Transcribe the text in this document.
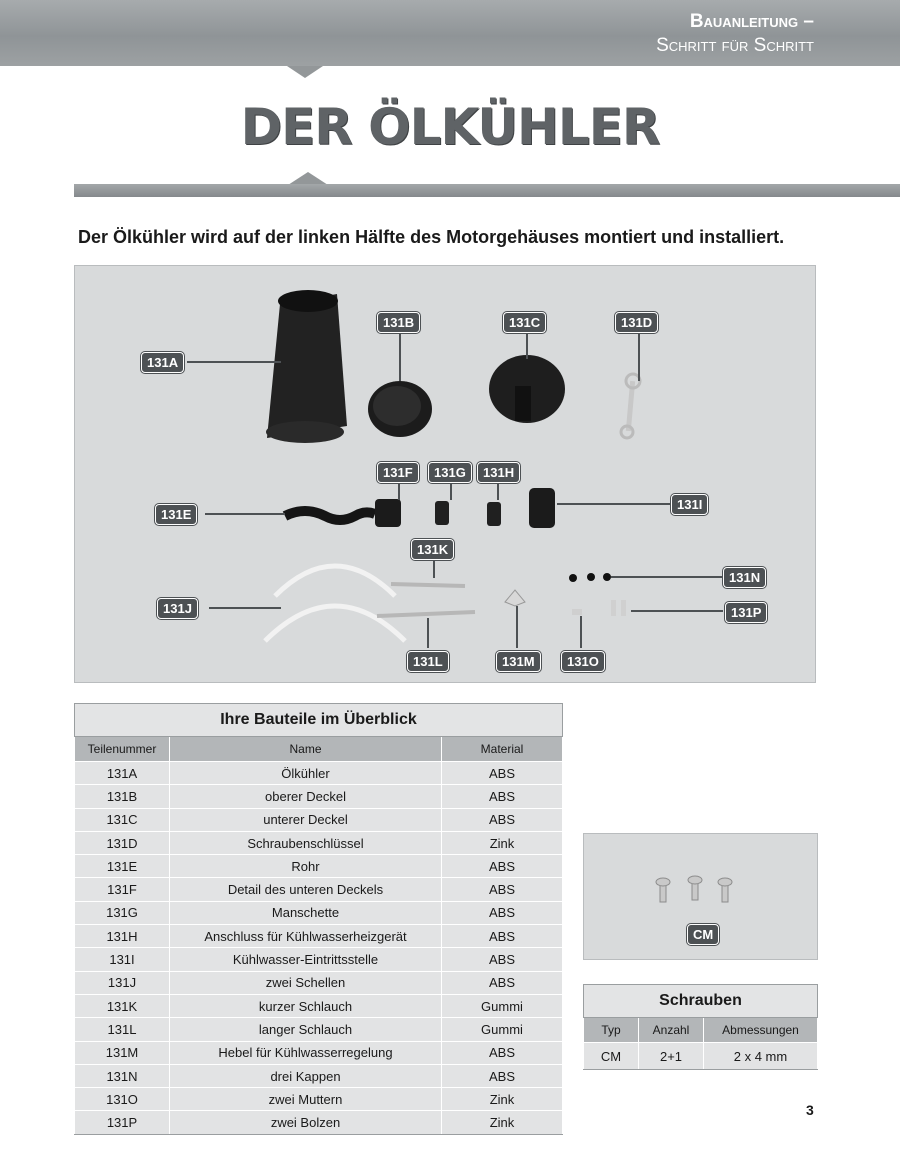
Bauanleitung –
Schritt für Schritt
DER ÖLKÜHLER
Der Ölkühler wird auf der linken Hälfte des Motorgehäuses montiert und installiert.
131A
131B	131C	131D
131E
131F	131G	131H
131I
131J
131K
131L	131M
131N
131O
131P
Ihre Bauteile im Überblick		
Teilenummer	Name	Material
131A	Ölkühler	ABS
131B	oberer Deckel	ABS
131C	unterer Deckel	ABS
131D	Schraubenschlüssel	Zink
131E	Rohr	ABS
131F	Detail des unteren Deckels	ABS
131G	Manschette	ABS
131H	Anschluss für Kühlwasserheizgerät	ABS
131I	Kühlwasser-Eintrittsstelle	ABS
131J	zwei Schellen	ABS
131K	kurzer Schlauch	Gummi
131L	langer Schlauch	Gummi
131M	Hebel für Kühlwasserregelung	ABS
131N	drei Kappen	ABS
131O	zwei Muttern	Zink
131P	zwei Bolzen	Zink
CM
Schrauben		
Typ	Anzahl	Abmessungen
CM	2+1	2 x 4 mm
3
